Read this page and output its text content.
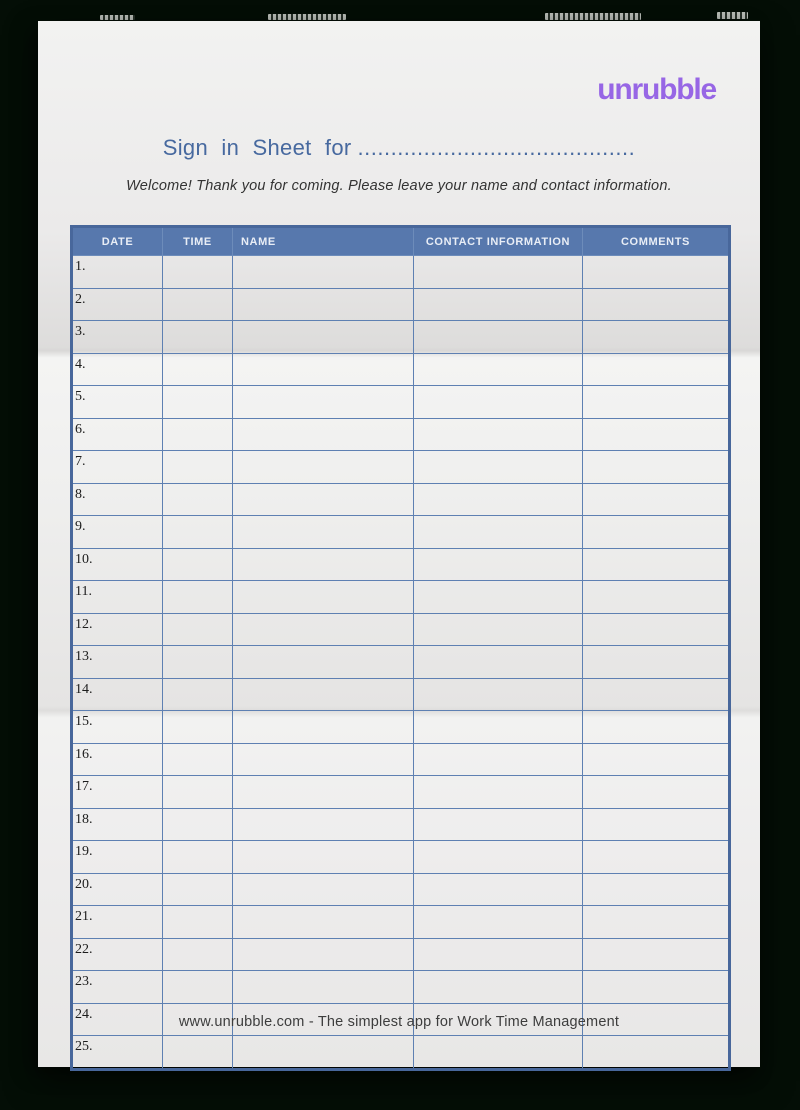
unrubble
Sign in Sheet for ..........................................
Welcome! Thank you for coming. Please leave your name and contact information.
DATE	TIME	NAME	CONTACT INFORMATION	COMMENTS
1.				
2.				
3.				
4.				
5.				
6.				
7.				
8.				
9.				
10.				
11.				
12.				
13.				
14.				
15.				
16.				
17.				
18.				
19.				
20.				
21.				
22.				
23.				
24.				
25.				
www.unrubble.com - The simplest app for Work Time Management
